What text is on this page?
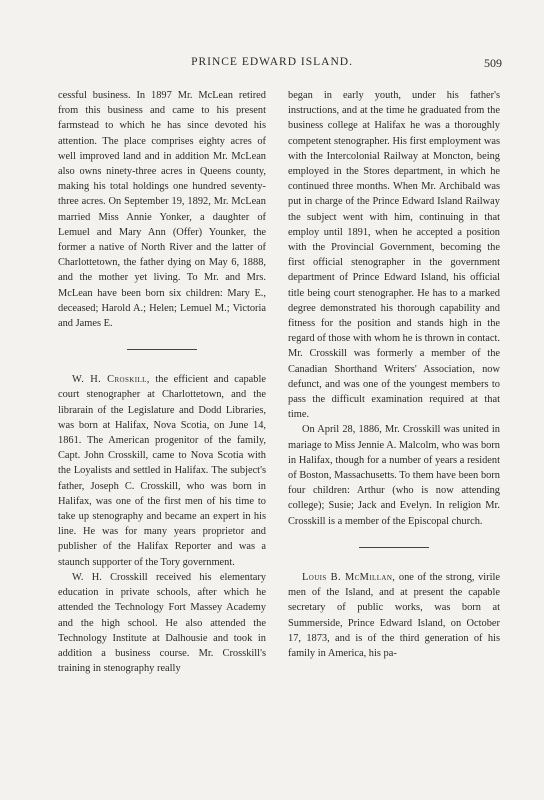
PRINCE EDWARD ISLAND.	509

cessful business. In 1897 Mr. McLean retired from this business and came to his present farmstead to which he has since devoted his attention. The place comprises eighty acres of well improved land and in addition Mr. McLean also owns ninety-three acres in Queens county, making his total holdings one hundred seventy-three acres. On September 19, 1892, Mr. McLean married Miss Annie Yonker, a daughter of Lemuel and Mary Ann (Offer) Younker, the former a native of North River and the latter of Charlottetown, the father dying on May 6, 1888, and the mother yet living. To Mr. and Mrs. McLean have been born six children: Mary E., deceased; Harold A.; Helen; Lemuel M.; Victoria and James E.

W. H. Croskill, the efficient and capable court stenographer at Charlottetown, and the librarain of the Legislature and Dodd Libraries, was born at Halifax, Nova Scotia, on June 14, 1861. The American progenitor of the family, Capt. John Crosskill, came to Nova Scotia with the Loyalists and settled in Halifax. The subject's father, Joseph C. Crosskill, who was born in Halifax, was one of the first men of his time to take up stenography and became an expert in his line. He was for many years proprietor and publisher of the Halifax Reporter and was a staunch supporter of the Tory government.

W. H. Crosskill received his elementary education in private schools, after which he attended the Technology Fort Massey Academy and the high school. He also attended the Technology Institute at Dalhousie and took in addition a business course. Mr. Crosskill's training in stenography really

began in early youth, under his father's instructions, and at the time he graduated from the business college at Halifax he was a thoroughly competent stenographer. His first employment was with the Intercolonial Railway at Moncton, being employed in the Stores department, in which he continued three months. When Mr. Archibald was put in charge of the Prince Edward Island Railway the subject went with him, continuing in that employ until 1891, when he accepted a position with the Provincial Government, becoming the first official stenographer in the government department of Prince Edward Island, his official title being court stenographer. He has to a marked degree demonstrated his thorough capability and fitness for the position and stands high in the regard of those with whom he is thrown in contact. Mr. Crosskill was formerly a member of the Canadian Shorthand Writers' Association, now defunct, and was one of the youngest members to pass the difficult examination required at that time.

On April 28, 1886, Mr. Crosskill was united in mariage to Miss Jennie A. Malcolm, who was born in Halifax, though for a number of years a resident of Boston, Massachusetts. To them have been born four children: Arthur (who is now attending college); Susie; Jack and Evelyn. In religion Mr. Crosskill is a member of the Episcopal church.

Louis B. McMillan, one of the strong, virile men of the Island, and at present the capable secretary of public works, was born at Summerside, Prince Edward Island, on October 17, 1873, and is of the third generation of his family in America, his pa-
